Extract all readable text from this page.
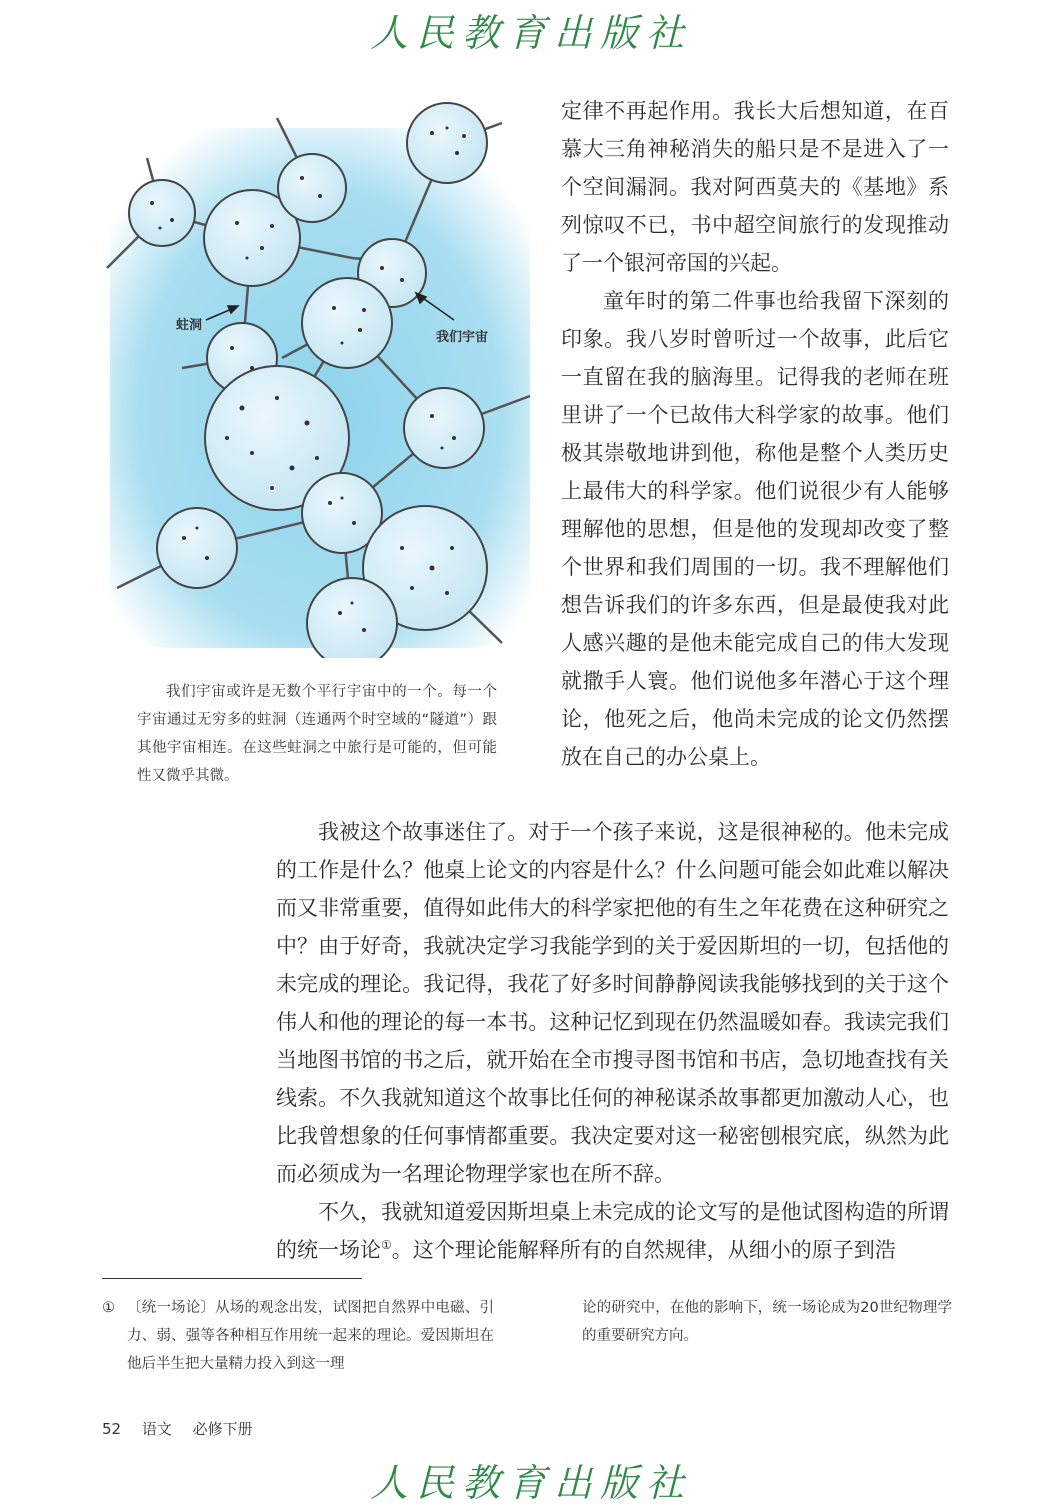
人民教育出版社
蛀洞
我们宇宙

我们宇宙或许是无数个平行宇宙中的一个。每一个宇宙通过无穷多的蛀洞（连通两个时空域的“隧道”）跟其他宇宙相连。在这些蛀洞之中旅行是可能的，但可能性又微乎其微。

定律不再起作用。我长大后想知道，在百慕大三角神秘消失的船只是不是进入了一个空间漏洞。我对阿西莫夫的《基地》系列惊叹不已，书中超空间旅行的发现推动了一个银河帝国的兴起。

童年时的第二件事也给我留下深刻的印象。我八岁时曾听过一个故事，此后它一直留在我的脑海里。记得我的老师在班里讲了一个已故伟大科学家的故事。他们极其崇敬地讲到他，称他是整个人类历史上最伟大的科学家。他们说很少有人能够理解他的思想，但是他的发现却改变了整个世界和我们周围的一切。我不理解他们想告诉我们的许多东西，但是最使我对此人感兴趣的是他未能完成自己的伟大发现就撒手人寰。他们说他多年潜心于这个理论，他死之后，他尚未完成的论文仍然摆放在自己的办公桌上。

我被这个故事迷住了。对于一个孩子来说，这是很神秘的。他未完成的工作是什么？他桌上论文的内容是什么？什么问题可能会如此难以解决而又非常重要，值得如此伟大的科学家把他的有生之年花费在这种研究之中？由于好奇，我就决定学习我能学到的关于爱因斯坦的一切，包括他的未完成的理论。我记得，我花了好多时间静静阅读我能够找到的关于这个伟人和他的理论的每一本书。这种记忆到现在仍然温暖如春。我读完我们当地图书馆的书之后，就开始在全市搜寻图书馆和书店，急切地查找有关线索。不久我就知道这个故事比任何的神秘谋杀故事都更加激动人心，也比我曾想象的任何事情都重要。我决定要对这一秘密刨根究底，纵然为此而必须成为一名理论物理学家也在所不辞。

不久，我就知道爱因斯坦桌上未完成的论文写的是他试图构造的所谓的统一场论①。这个理论能解释所有的自然规律，从细小的原子到浩

① 〔统一场论〕从场的观念出发，试图把自然界中电磁、引力、弱、强等各种相互作用统一起来的理论。爱因斯坦在他后半生把大量精力投入到这一理
论的研究中，在他的影响下，统一场论成为20世纪物理学的重要研究方向。
52 语文 必修下册
人民教育出版社
